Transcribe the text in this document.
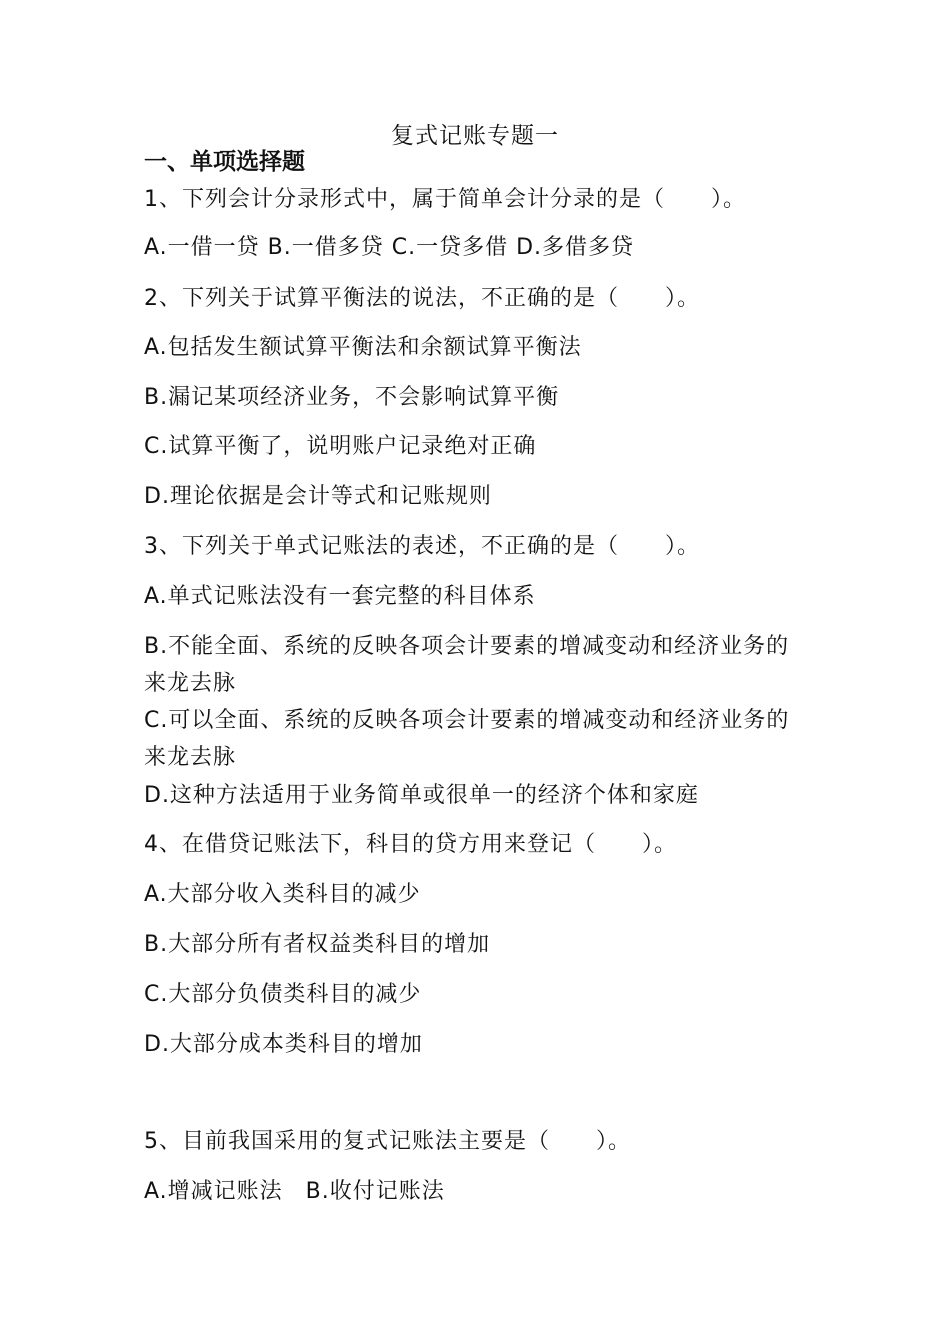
复式记账专题一
一、单项选择题
1、下列会计分录形式中，属于简单会计分录的是（　　）。
A.一借一贷 B.一借多贷 C.一贷多借 D.多借多贷
2、下列关于试算平衡法的说法，不正确的是（　　）。
A.包括发生额试算平衡法和余额试算平衡法
B.漏记某项经济业务，不会影响试算平衡
C.试算平衡了，说明账户记录绝对正确
D.理论依据是会计等式和记账规则
3、下列关于单式记账法的表述，不正确的是（　　）。
A.单式记账法没有一套完整的科目体系
B.不能全面、系统的反映各项会计要素的增减变动和经济业务的
来龙去脉
C.可以全面、系统的反映各项会计要素的增减变动和经济业务的
来龙去脉
D.这种方法适用于业务简单或很单一的经济个体和家庭
4、在借贷记账法下，科目的贷方用来登记（　　）。
A.大部分收入类科目的减少
B.大部分所有者权益类科目的增加
C.大部分负债类科目的减少
D.大部分成本类科目的增加
5、目前我国采用的复式记账法主要是（　　）。
A.增减记账法　B.收付记账法
